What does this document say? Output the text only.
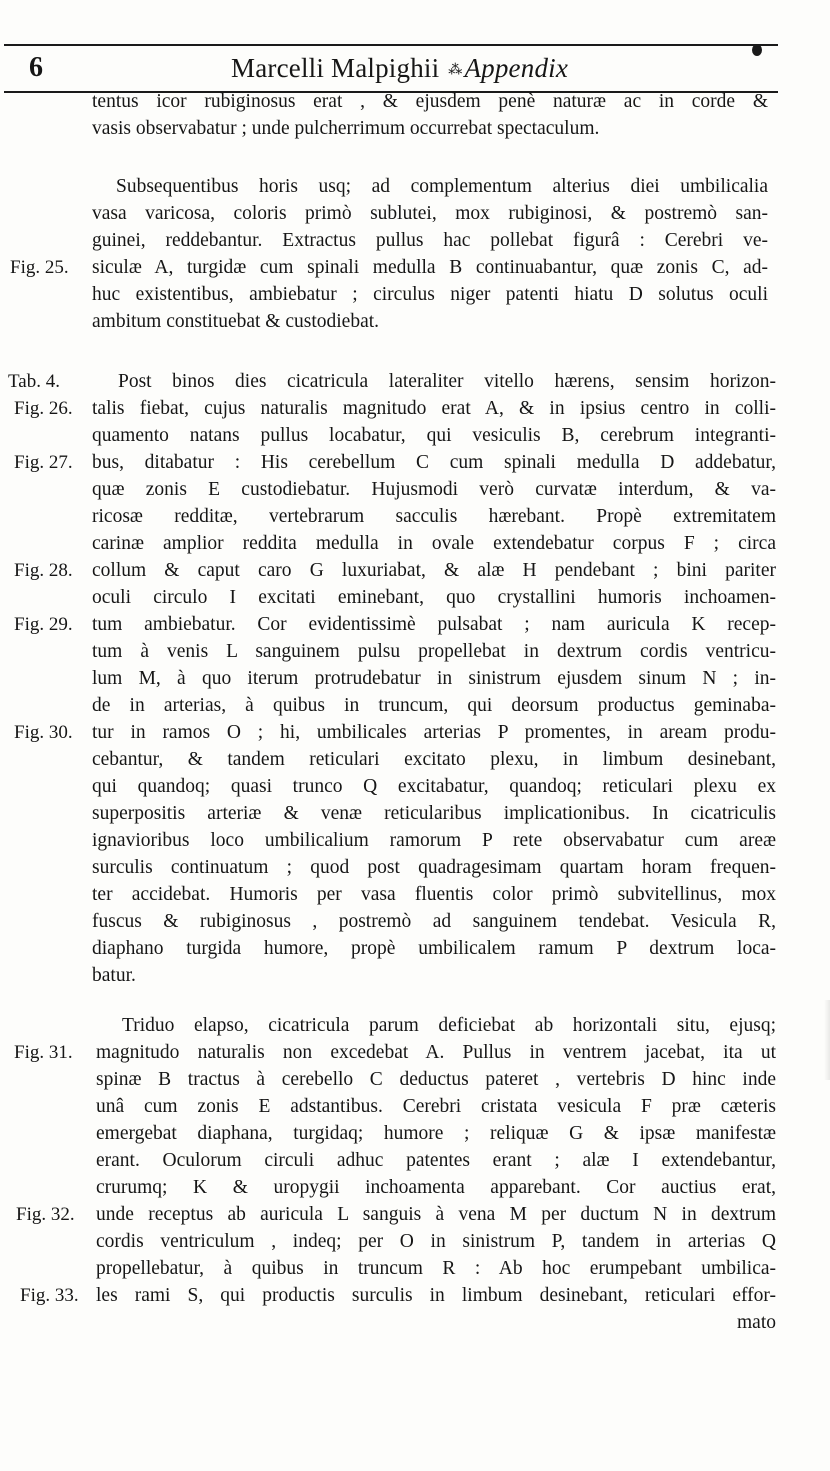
6	Marcelli Malpighii ⁂Appendix
tentus icor rubiginosus erat , & ejusdem penè naturæ ac in corde &
vasis observabatur ; unde pulcherrimum occurrebat spectaculum.
Subsequentibus horis usq; ad complementum alterius diei umbilicalia
vasa varicosa, coloris primò sublutei, mox rubiginosi, & postremò san-
guinei, reddebantur. Extractus pullus hac pollebat figurâ : Cerebri ve-
siculæ A, turgidæ cum spinali medulla B continuabantur, quæ zonis C, ad-
huc existentibus, ambiebatur ; circulus niger patenti hiatu D solutus oculi
ambitum constituebat & custodiebat.
Post binos dies cicatricula lateraliter vitello hærens, sensim horizon-
talis fiebat, cujus naturalis magnitudo erat A, & in ipsius centro in colli-
quamento natans pullus locabatur, qui vesiculis B, cerebrum integranti-
bus, ditabatur : His cerebellum C cum spinali medulla D addebatur,
quæ zonis E custodiebatur. Hujusmodi verò curvatæ interdum, & va-
ricosæ redditæ, vertebrarum sacculis hærebant. Propè extremitatem
carinæ amplior reddita medulla in ovale extendebatur corpus F ; circa
collum & caput caro G luxuriabat, & alæ H pendebant ; bini pariter
oculi circulo I excitati eminebant, quo crystallini humoris inchoamen-
tum ambiebatur. Cor evidentissimè pulsabat ; nam auricula K recep-
tum à venis L sanguinem pulsu propellebat in dextrum cordis ventricu-
lum M, à quo iterum protrudebatur in sinistrum ejusdem sinum N ; in-
de in arterias, à quibus in truncum, qui deorsum productus geminaba-
tur in ramos O ; hi, umbilicales arterias P promentes, in aream produ-
cebantur, & tandem reticulari excitato plexu, in limbum desinebant,
qui quandoq; quasi trunco Q excitabatur, quandoq; reticulari plexu ex
superpositis arteriæ & venæ reticularibus implicationibus. In cicatriculis
ignavioribus loco umbilicalium ramorum P rete observabatur cum areæ
surculis continuatum ; quod post quadragesimam quartam horam frequen-
ter accidebat. Humoris per vasa fluentis color primò subvitellinus, mox
fuscus & rubiginosus , postremò ad sanguinem tendebat. Vesicula R,
diaphano turgida humore, propè umbilicalem ramum P dextrum loca-
batur.
Triduo elapso, cicatricula parum deficiebat ab horizontali situ, ejusq;
magnitudo naturalis non excedebat A. Pullus in ventrem jacebat, ita ut
spinæ B tractus à cerebello C deductus pateret , vertebris D hinc inde
unâ cum zonis E adstantibus. Cerebri cristata vesicula F præ cæteris
emergebat diaphana, turgidaq; humore ; reliquæ G & ipsæ manifestæ
erant. Oculorum circuli adhuc patentes erant ; alæ I extendebantur,
crurumq; K & uropygii inchoamenta apparebant. Cor auctius erat,
unde receptus ab auricula L sanguis à vena M per ductum N in dextrum
cordis ventriculum , indeq; per O in sinistrum P, tandem in arterias Q
propellebatur, à quibus in truncum R : Ab hoc erumpebant umbilica-
les rami S, qui productis surculis in limbum desinebant, reticulari effor-
mato
Fig. 25.
Tab. 4.
Fig. 26.
Fig. 27.
Fig. 28.
Fig. 29.
Fig. 30.
Fig. 31.
Fig. 32.
Fig. 33.
